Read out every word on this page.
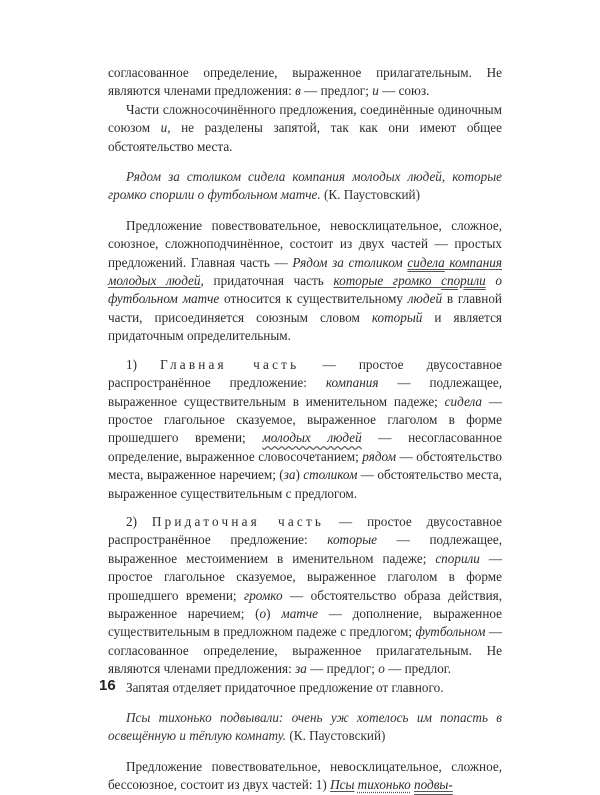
согласованное определение, выраженное прилагательным. Не являются членами предложения: в — предлог; и — союз.

Части сложносочинённого предложения, соединённые одиночным союзом и, не разделены запятой, так как они имеют общее обстоятельство места.

Рядом за столиком сидела компания молодых людей, которые громко спорили о футбольном матче. (К. Паустовский)

Предложение повествовательное, невосклицательное, сложное, союзное, сложноподчинённое, состоит из двух частей — простых предложений. Главная часть — Рядом за столиком сидела компания молодых людей, придаточная часть которые громко спорили о футбольном матче относится к существительному людей в главной части, присоединяется союзным словом который и является придаточным определительным.

1) Главная часть — простое двусоставное распространённое предложение: компания — подлежащее, выраженное существительным в именительном падеже; сидела — простое глагольное сказуемое, выраженное глаголом в форме прошедшего времени; молодых людей — несогласованное определение, выраженное словосочетанием; рядом — обстоятельство места, выраженное наречием; (за) столиком — обстоятельство места, выраженное существительным с предлогом.

2) Придаточная часть — простое двусоставное распространённое предложение: которые — подлежащее, выраженное местоимением в именительном падеже; спорили — простое глагольное сказуемое, выраженное глаголом в форме прошедшего времени; громко — обстоятельство образа действия, выраженное наречием; (о) матче — дополнение, выраженное существительным в предложном падеже с предлогом; футбольном — согласованное определение, выраженное прилагательным. Не являются членами предложения: за — предлог; о — предлог.

Запятая отделяет придаточное предложение от главного.

Псы тихонько подвывали: очень уж хотелось им попасть в освещённую и тёплую комнату. (К. Паустовский)

Предложение повествовательное, невосклицательное, сложное, бессоюзное, состоит из двух частей: 1) Псы тихонько подвы-

16
